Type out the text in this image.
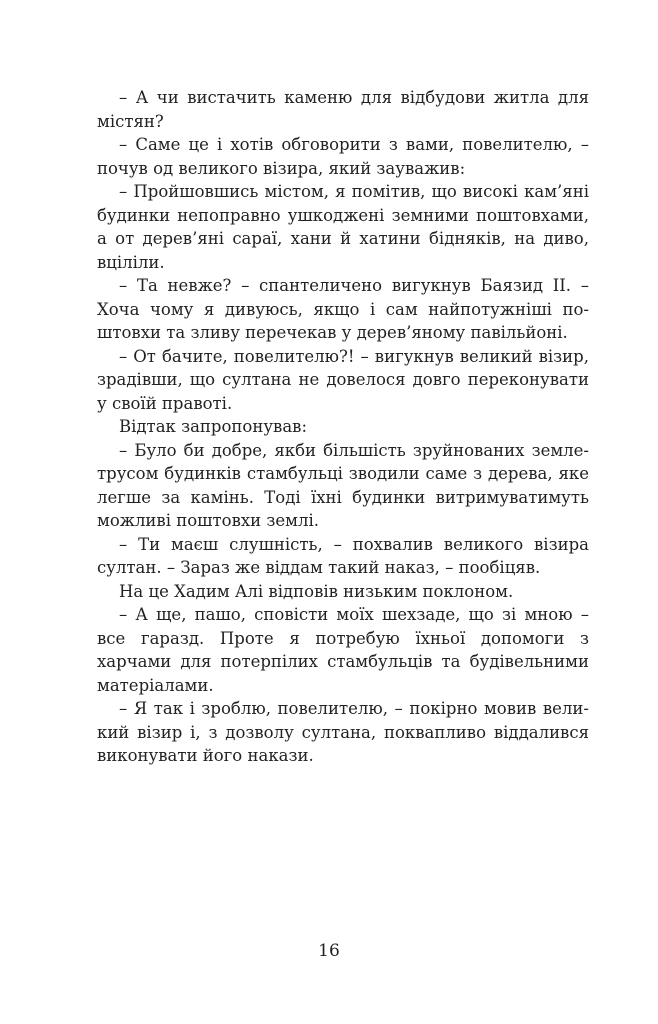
– А чи вистачить каменю для відбудови житла для містян?

– Саме це і хотів обговорити з вами, повелителю, – почув од великого візира, який зауважив:

– Пройшовшись містом, я помітив, що високі кам’яні будинки непоправно ушкоджені земними поштовхами, а от дерев’яні сараї, хани й хатини бідняків, на диво, вціліли.

– Та невже? – спантеличено вигукнув Баязид II. – Хоча чому я дивуюсь, якщо і сам найпотужніші поштовхи та зливу перечекав у дерев’яному павільйоні.

– От бачите, повелителю?! – вигукнув великий візир, зрадівши, що султана не довелося довго переконувати у своїй правоті.

Відтак запропонував:

– Було би добре, якби більшість зруйнованих землетрусом будинків стамбульці зводили саме з дерева, яке легше за камінь. Тоді їхні будинки витримуватимуть можливі поштовхи землі.

– Ти маєш слушність, – похвалив великого візира султан. – Зараз же віддам такий наказ, – пообіцяв.

На це Хадим Алі відповів низьким поклоном.

– А ще, пашо, сповісти моїх шехзаде, що зі мною – все гаразд. Проте я потребую їхньої допомоги з харчами для потерпілих стамбульців та будівельними матеріалами.

– Я так і зроблю, повелителю, – покірно мовив великий візир і, з дозволу султана, поквапливо віддалився виконувати його накази.

16
